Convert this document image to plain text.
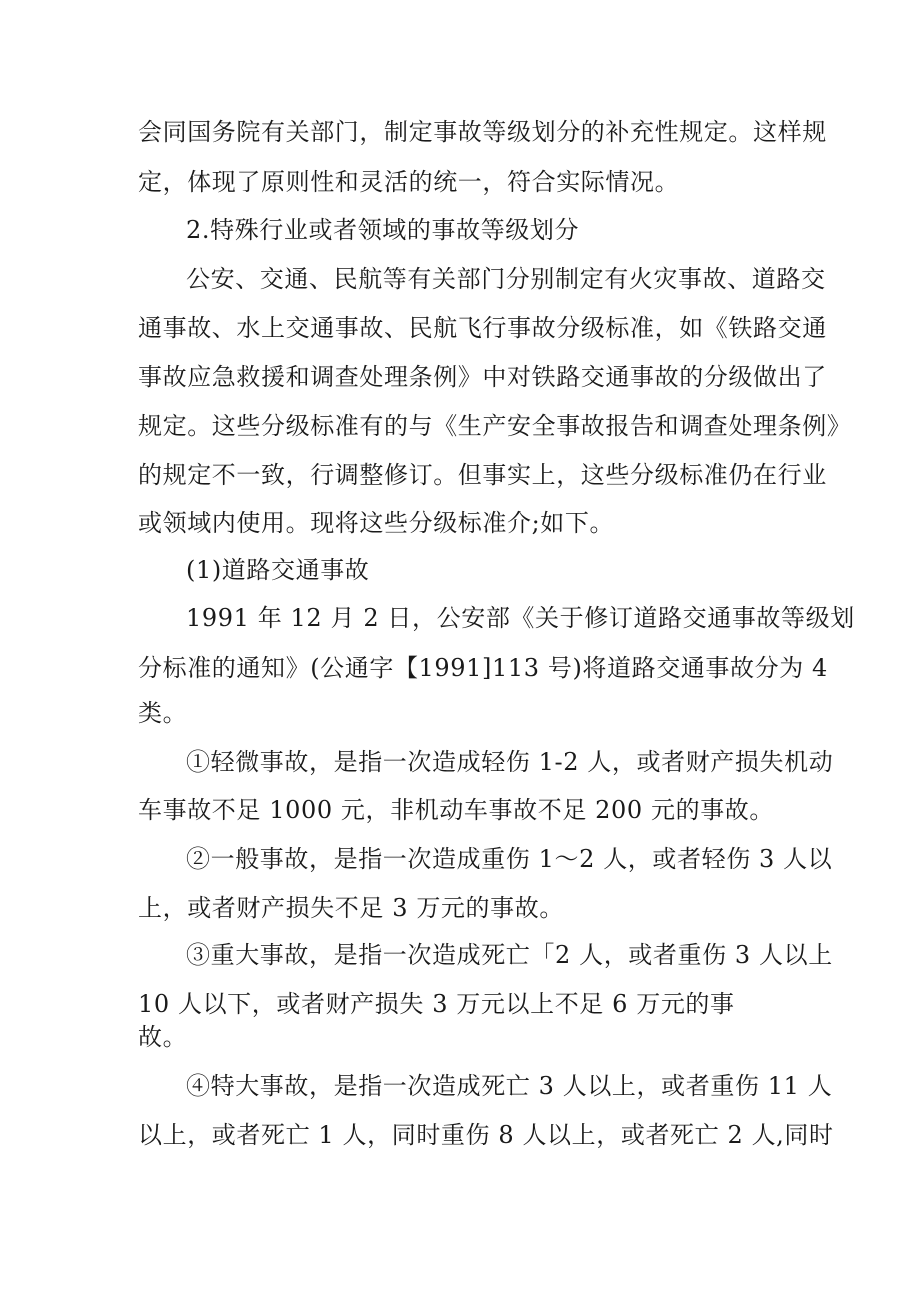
会同国务院有关部门，制定事故等级划分的补充性规定。这样规
定，体现了原则性和灵活的统一，符合实际情况。
2.特殊行业或者领域的事故等级划分
公安、交通、民航等有关部门分别制定有火灾事故、道路交
通事故、水上交通事故、民航飞行事故分级标准，如《铁路交通
事故应急救援和调查处理条例》中对铁路交通事故的分级做出了
规定。这些分级标准有的与《生产安全事故报告和调查处理条例》
的规定不一致，行调整修订。但事实上，这些分级标准仍在行业
或领域内使用。现将这些分级标准介;如下。
(1)道路交通事故
1991 年 12 月 2 日，公安部《关于修订道路交通事故等级划
分标准的通知》(公通字【1991]113 号)将道路交通事故分为 4
类。
①轻微事故，是指一次造成轻伤 1-2 人，或者财产损失机动
车事故不足 1000 元，非机动车事故不足 200 元的事故。
②一般事故，是指一次造成重伤 1～2 人，或者轻伤 3 人以
上，或者财产损失不足 3 万元的事故。
③重大事故，是指一次造成死亡「2 人，或者重伤 3 人以上
10 人以下，或者财产损失 3 万元以上不足 6 万元的事
故。
④特大事故，是指一次造成死亡 3 人以上，或者重伤 11 人
以上，或者死亡 1 人，同时重伤 8 人以上，或者死亡 2 人,同时
